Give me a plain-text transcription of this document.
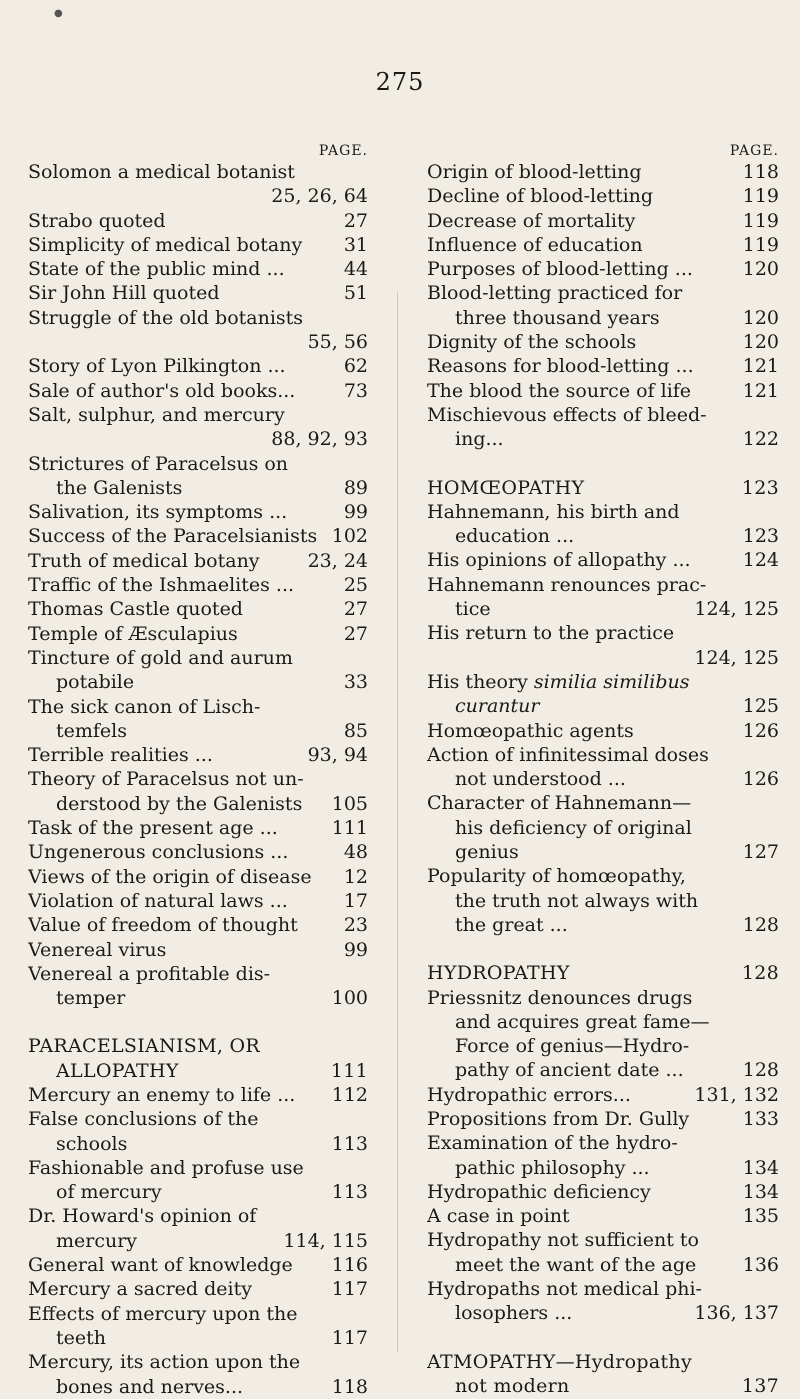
●
275
PAGE.
Solomon a medical botanist
25, 26, 64
Strabo quoted	27
Simplicity of medical botany	31
State of the public mind ...	44
Sir John Hill quoted	51
Struggle of the old botanists
55, 56
Story of Lyon Pilkington ...	62
Sale of author's old books...	73
Salt, sulphur, and mercury
88, 92, 93
Strictures of Paracelsus on
the Galenists	89
Salivation, its symptoms ...	99
Success of the Paracelsianists 102
Truth of medical botany	23, 24
Traffic of the Ishmaelites ...	25
Thomas Castle quoted	27
Temple of Æsculapius	27
Tincture of gold and aurum
potabile	33
The sick canon of Lisch-
temfels	85
Terrible realities ...	93, 94
Theory of Paracelsus not un-
derstood by the Galenists	105
Task of the present age ...	111
Ungenerous conclusions ...	48
Views of the origin of disease	12
Violation of natural laws ...	17
Value of freedom of thought	23
Venereal virus	99
Venereal a profitable dis-
temper	100
PARACELSIANISM, OR
ALLOPATHY	111
Mercury an enemy to life ...	112
False conclusions of the
schools	113
Fashionable and profuse use
of mercury	113
Dr. Howard's opinion of
mercury	114, 115
General want of knowledge	116
Mercury a sacred deity	117
Effects of mercury upon the
teeth	117
Mercury, its action upon the
bones and nerves...	118
PAGE.
Origin of blood-letting	118
Decline of blood-letting	119
Decrease of mortality	119
Influence of education	119
Purposes of blood-letting ...	120
Blood-letting practiced for
three thousand years	120
Dignity of the schools	120
Reasons for blood-letting ...	121
The blood the source of life	121
Mischievous effects of bleed-
ing...	122
HOMŒOPATHY	123
Hahnemann, his birth and
education ...	123
His opinions of allopathy ...	124
Hahnemann renounces prac-
tice	124, 125
His return to the practice
124, 125
His theory similia similibus
curantur	125
Homœopathic agents	126
Action of infinitessimal doses
not understood ...	126
Character of Hahnemann—
his deficiency of original
genius	127
Popularity of homœopathy,
the truth not always with
the great ...	128
HYDROPATHY	128
Priessnitz denounces drugs
and acquires great fame—
Force of genius—Hydro-
pathy of ancient date ...	128
Hydropathic errors...	131, 132
Propositions from Dr. Gully	133
Examination of the hydro-
pathic philosophy ...	134
Hydropathic deficiency	134
A case in point	135
Hydropathy not sufficient to
meet the want of the age	136
Hydropaths not medical phi-
losophers ...	136, 137
ATMOPATHY—Hydropathy
not modern	137
